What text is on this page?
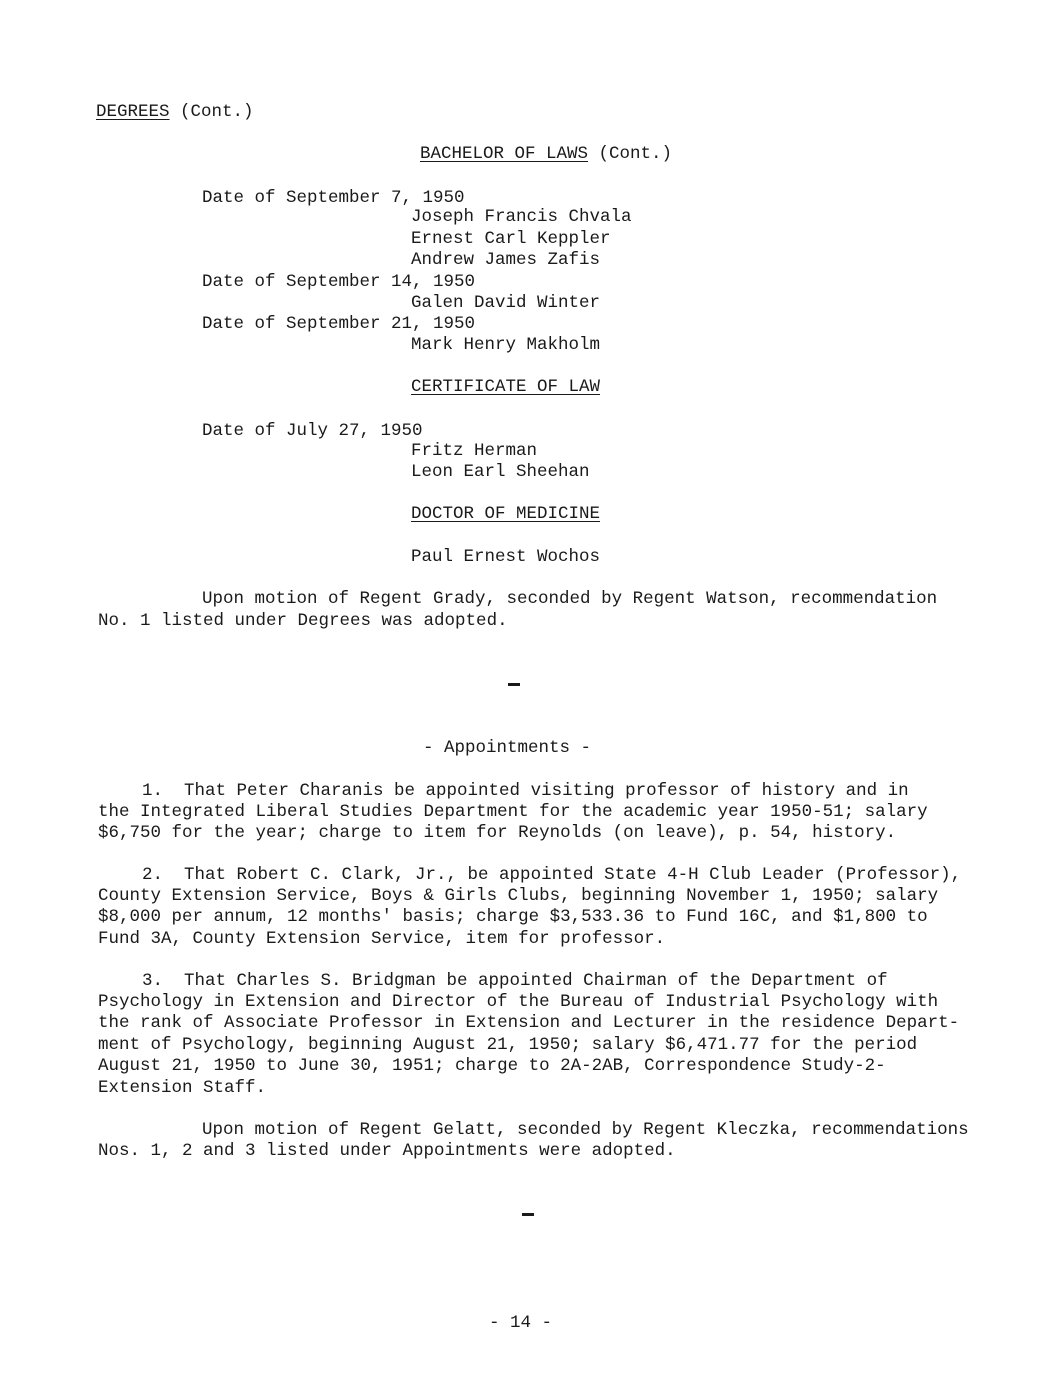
DEGREES (Cont.)
BACHELOR OF LAWS (Cont.)
Date of September 7, 1950
Joseph Francis Chvala
Ernest Carl Keppler
Andrew James Zafis
Date of September 14, 1950
Galen David Winter
Date of September 21, 1950
Mark Henry Makholm
CERTIFICATE OF LAW
Date of July 27, 1950
Fritz Herman
Leon Earl Sheehan
DOCTOR OF MEDICINE
Paul Ernest Wochos
Upon motion of Regent Grady, seconded by Regent Watson, recommendation
No. 1 listed under Degrees was adopted.
- Appointments -
1.  That Peter Charanis be appointed visiting professor of history and in
the Integrated Liberal Studies Department for the academic year 1950-51; salary
$6,750 for the year; charge to item for Reynolds (on leave), p. 54, history.
2.  That Robert C. Clark, Jr., be appointed State 4-H Club Leader (Professor),
County Extension Service, Boys & Girls Clubs, beginning November 1, 1950; salary
$8,000 per annum, 12 months' basis; charge $3,533.36 to Fund 16C, and $1,800 to
Fund 3A, County Extension Service, item for professor.
3.  That Charles S. Bridgman be appointed Chairman of the Department of
Psychology in Extension and Director of the Bureau of Industrial Psychology with
the rank of Associate Professor in Extension and Lecturer in the residence Depart-
ment of Psychology, beginning August 21, 1950; salary $6,471.77 for the period
August 21, 1950 to June 30, 1951; charge to 2A-2AB, Correspondence Study-2-
Extension Staff.
Upon motion of Regent Gelatt, seconded by Regent Kleczka, recommendations
Nos. 1, 2 and 3 listed under Appointments were adopted.
- 14 -
